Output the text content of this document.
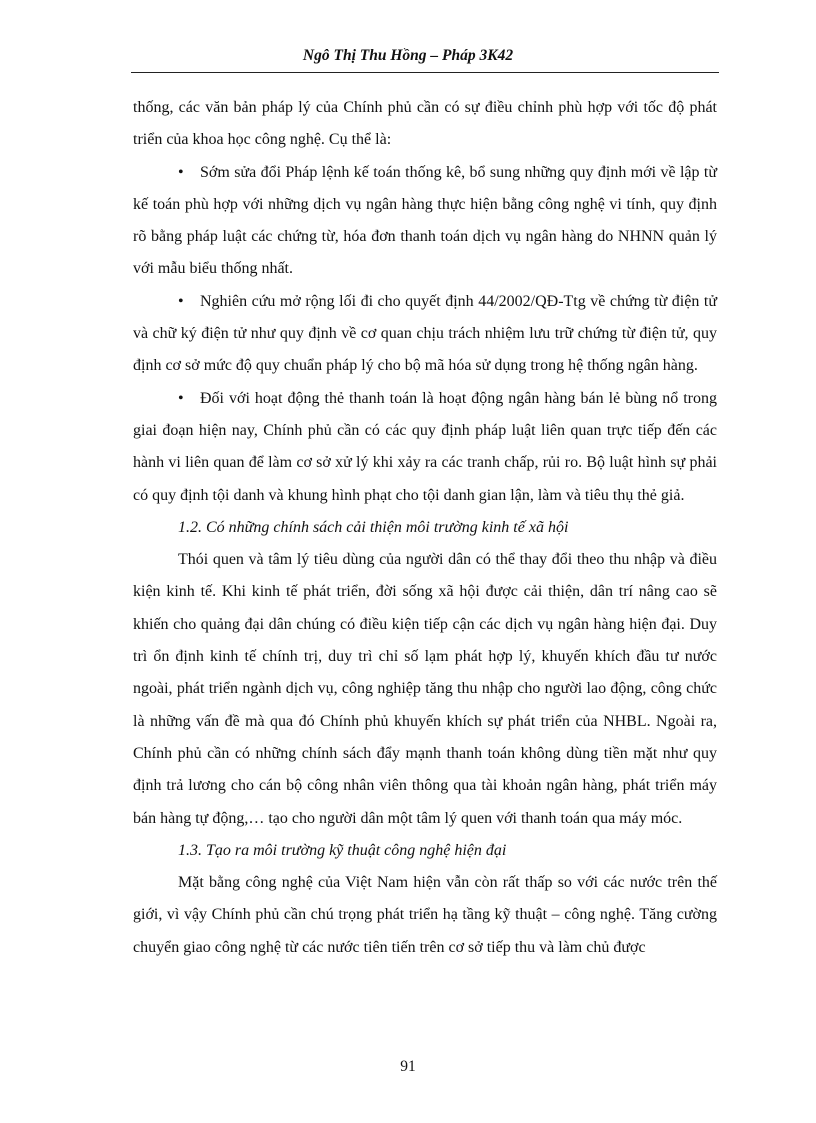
Ngô Thị Thu Hồng – Pháp 3K42

thống, các văn bản pháp lý của Chính phủ cần có sự điều chỉnh phù hợp với tốc độ phát triển của khoa học công nghệ. Cụ thể là:

• Sớm sửa đổi Pháp lệnh kế toán thống kê, bổ sung những quy định mới về lập từ kế toán phù hợp với những dịch vụ ngân hàng thực hiện bằng công nghệ vi tính, quy định rõ bằng pháp luật các chứng từ, hóa đơn thanh toán dịch vụ ngân hàng do NHNN quản lý với mẫu biểu thống nhất.

• Nghiên cứu mở rộng lối đi cho quyết định 44/2002/QĐ-Ttg về chứng từ điện tử và chữ ký điện tử như quy định về cơ quan chịu trách nhiệm lưu trữ chứng từ điện tử, quy định cơ sở mức độ quy chuẩn pháp lý cho bộ mã hóa sử dụng trong hệ thống ngân hàng.

• Đối với hoạt động thẻ thanh toán là hoạt động ngân hàng bán lẻ bùng nổ trong giai đoạn hiện nay, Chính phủ cần có các quy định pháp luật liên quan trực tiếp đến các hành vi liên quan để làm cơ sở xử lý khi xảy ra các tranh chấp, rủi ro. Bộ luật hình sự phải có quy định tội danh và khung hình phạt cho tội danh gian lận, làm và tiêu thụ thẻ giả.

1.2. Có những chính sách cải thiện môi trường kinh tế xã hội

Thói quen và tâm lý tiêu dùng của người dân có thể thay đổi theo thu nhập và điều kiện kinh tế. Khi kinh tế phát triển, đời sống xã hội được cải thiện, dân trí nâng cao sẽ khiến cho quảng đại dân chúng có điều kiện tiếp cận các dịch vụ ngân hàng hiện đại. Duy trì ổn định kinh tế chính trị, duy trì chỉ số lạm phát hợp lý, khuyến khích đầu tư nước ngoài, phát triển ngành dịch vụ, công nghiệp tăng thu nhập cho người lao động, công chức là những vấn đề mà qua đó Chính phủ khuyến khích sự phát triển của NHBL. Ngoài ra, Chính phủ cần có những chính sách đẩy mạnh thanh toán không dùng tiền mặt như quy định trả lương cho cán bộ công nhân viên thông qua tài khoản ngân hàng, phát triển máy bán hàng tự động,… tạo cho người dân một tâm lý quen với thanh toán qua máy móc.

1.3. Tạo ra môi trường kỹ thuật công nghệ hiện đại

Mặt bằng công nghệ của Việt Nam hiện vẫn còn rất thấp so với các nước trên thế giới, vì vậy Chính phủ cần chú trọng phát triển hạ tầng kỹ thuật – công nghệ. Tăng cường chuyển giao công nghệ từ các nước tiên tiến trên cơ sở tiếp thu và làm chủ được

91
